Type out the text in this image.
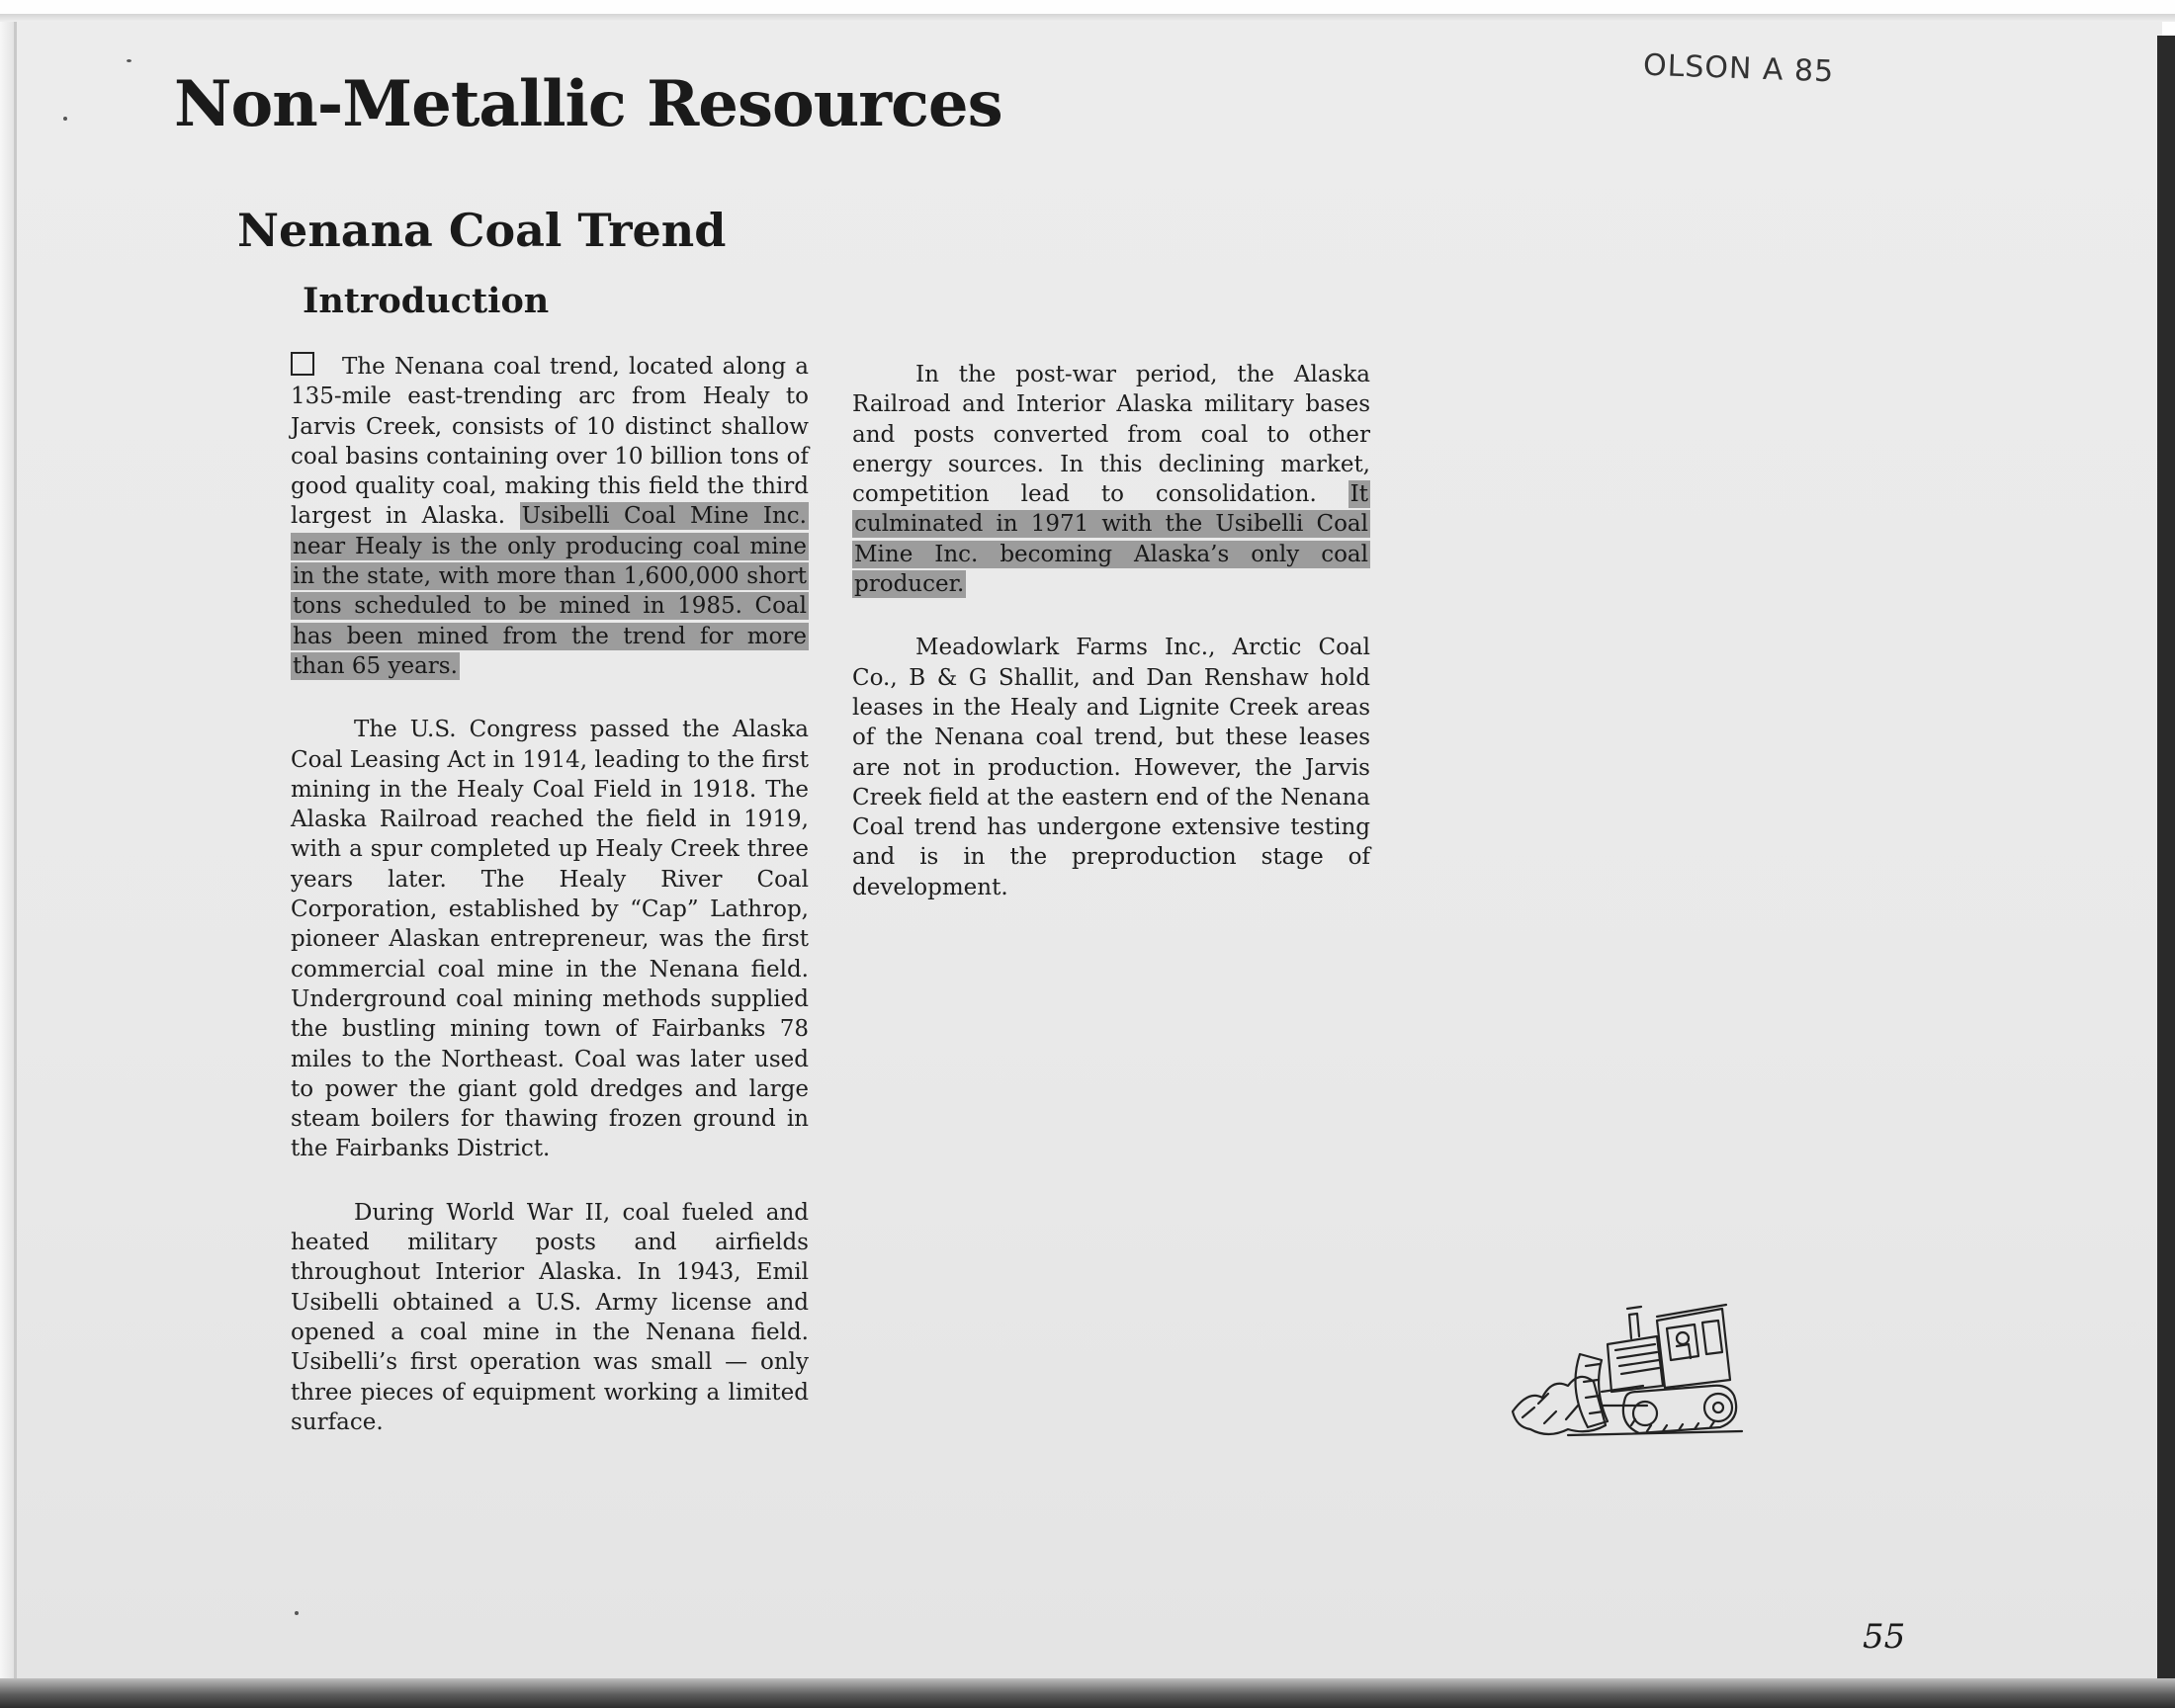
OLSON A 85
Non-Metallic Resources
Nenana Coal Trend
Introduction

The Nenana coal trend, located along a 135-mile east-trending arc from Healy to Jarvis Creek, consists of 10 distinct shallow coal basins containing over 10 billion tons of good quality coal, making this field the third largest in Alaska. Usibelli Coal Mine Inc. near Healy is the only producing coal mine in the state, with more than 1,600,000 short tons scheduled to be mined in 1985. Coal has been mined from the trend for more than 65 years.

The U.S. Congress passed the Alaska Coal Leasing Act in 1914, leading to the first mining in the Healy Coal Field in 1918. The Alaska Railroad reached the field in 1919, with a spur completed up Healy Creek three years later. The Healy River Coal Corporation, established by “Cap” Lathrop, pioneer Alaskan entrepreneur, was the first commercial coal mine in the Nenana field. Underground coal mining methods supplied the bustling mining town of Fairbanks 78 miles to the Northeast. Coal was later used to power the giant gold dredges and large steam boilers for thawing frozen ground in the Fairbanks District.

During World War II, coal fueled and heated military posts and airfields throughout Interior Alaska. In 1943, Emil Usibelli obtained a U.S. Army license and opened a coal mine in the Nenana field. Usibelli’s first operation was small — only three pieces of equipment working a limited surface.

In the post-war period, the Alaska Railroad and Interior Alaska military bases and posts converted from coal to other energy sources. In this declining market, competition lead to consolidation. It culminated in 1971 with the Usibelli Coal Mine Inc. becoming Alaska’s only coal producer.

Meadowlark Farms Inc., Arctic Coal Co., B & G Shallit, and Dan Renshaw hold leases in the Healy and Lignite Creek areas of the Nenana coal trend, but these leases are not in production. However, the Jarvis Creek field at the eastern end of the Nenana Coal trend has undergone extensive testing and is in the preproduction stage of development.

55
